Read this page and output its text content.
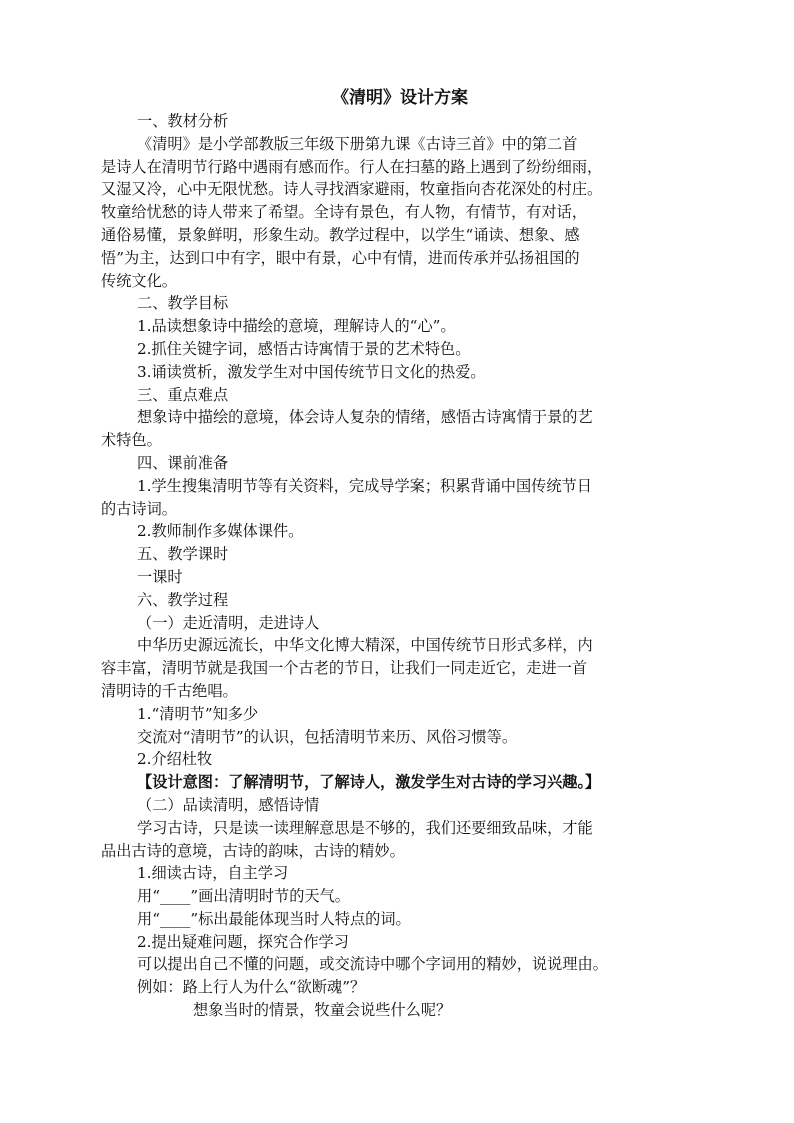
《清明》设计方案

一、教材分析

《清明》是小学部教版三年级下册第九课《古诗三首》中的第二首

是诗人在清明节行路中遇雨有感而作。行人在扫墓的路上遇到了纷纷细雨，

又湿又冷，心中无限忧愁。诗人寻找酒家避雨，牧童指向杏花深处的村庄。

牧童给忧愁的诗人带来了希望。全诗有景色，有人物，有情节，有对话，

通俗易懂，景象鲜明，形象生动。教学过程中，以学生“诵读、想象、感

悟”为主，达到口中有字，眼中有景，心中有情，进而传承并弘扬祖国的

传统文化。

二、教学目标

1.品读想象诗中描绘的意境，理解诗人的“心”。

2.抓住关键字词，感悟古诗寓情于景的艺术特色。

3.诵读赏析，激发学生对中国传统节日文化的热爱。

三、重点难点

想象诗中描绘的意境，体会诗人复杂的情绪，感悟古诗寓情于景的艺

术特色。

四、课前准备

1.学生搜集清明节等有关资料，完成导学案；积累背诵中国传统节日

的古诗词。

2.教师制作多媒体课件。

五、教学课时

一课时

六、教学过程

（一）走近清明，走进诗人

中华历史源远流长，中华文化博大精深，中国传统节日形式多样，内

容丰富，清明节就是我国一个古老的节日，让我们一同走近它，走进一首

清明诗的千古绝唱。

1.“清明节”知多少

交流对“清明节”的认识，包括清明节来历、风俗习惯等。

2.介绍杜牧

【设计意图：了解清明节，了解诗人，激发学生对古诗的学习兴趣。】

（二）品读清明，感悟诗情

学习古诗，只是读一读理解意思是不够的，我们还要细致品味，才能

品出古诗的意境，古诗的韵味，古诗的精妙。

1.细读古诗，自主学习

用“____”画出清明时节的天气。

用“____”标出最能体现当时人特点的词。

2.提出疑难问题，探究合作学习

可以提出自己不懂的问题，或交流诗中哪个字词用的精妙，说说理由。

例如：路上行人为什么“欲断魂”？

想象当时的情景，牧童会说些什么呢？
